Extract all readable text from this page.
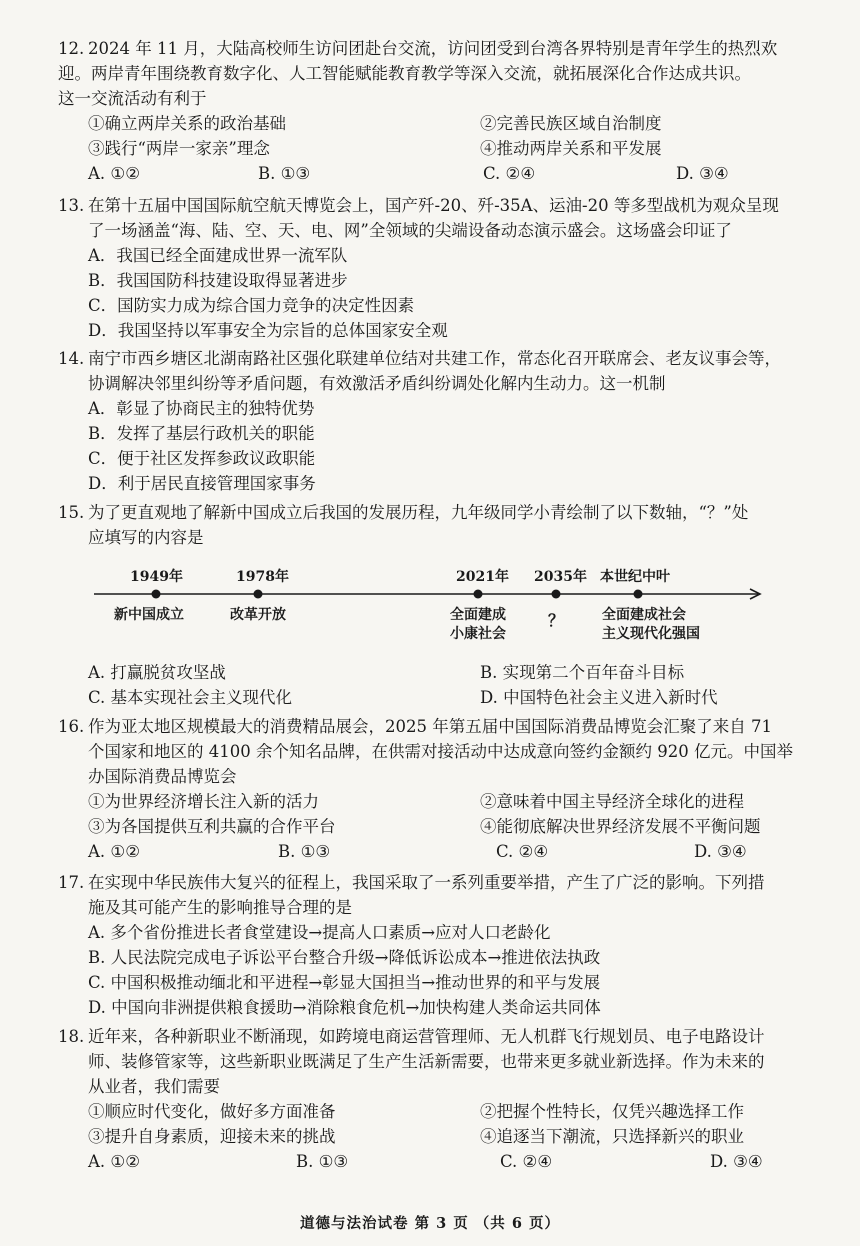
12. 2024 年 11 月，大陆高校师生访问团赴台交流，访问团受到台湾各界特别是青年学生的热烈欢
迎。两岸青年围绕教育数字化、人工智能赋能教育教学等深入交流，就拓展深化合作达成共识。
这一交流活动有利于
①确立两岸关系的政治基础	②完善民族区域自治制度
③践行“两岸一家亲”理念	④推动两岸关系和平发展
A. ①②	B. ①③	C. ②④	D. ③④
13. 在第十五届中国国际航空航天博览会上，国产歼-20、歼-35A、运油-20 等多型战机为观众呈现
了一场涵盖“海、陆、空、天、电、网”全领域的尖端设备动态演示盛会。这场盛会印证了
A．我国已经全面建成世界一流军队
B．我国国防科技建设取得显著进步
C．国防实力成为综合国力竞争的决定性因素
D．我国坚持以军事安全为宗旨的总体国家安全观
14. 南宁市西乡塘区北湖南路社区强化联建单位结对共建工作，常态化召开联席会、老友议事会等，
协调解决邻里纠纷等矛盾问题，有效激活矛盾纠纷调处化解内生动力。这一机制
A．彰显了协商民主的独特优势
B．发挥了基层行政机关的职能
C．便于社区发挥参政议政职能
D．利于居民直接管理国家事务
15. 为了更直观地了解新中国成立后我国的发展历程，九年级同学小青绘制了以下数轴，“？”处
应填写的内容是
1949年	1978年	2021年 2035年 本世纪中叶
新中国成立	改革开放	全面建成
小康社会
？	全面建成社会
主义现代化强国
A. 打赢脱贫攻坚战	B. 实现第二个百年奋斗目标
C. 基本实现社会主义现代化	D. 中国特色社会主义进入新时代
16. 作为亚太地区规模最大的消费精品展会，2025 年第五届中国国际消费品博览会汇聚了来自 71
个国家和地区的 4100 余个知名品牌，在供需对接活动中达成意向签约金额约 920 亿元。中国举
办国际消费品博览会
①为世界经济增长注入新的活力	②意味着中国主导经济全球化的进程
③为各国提供互利共赢的合作平台	④能彻底解决世界经济发展不平衡问题
A. ①②	B. ①③	C. ②④	D. ③④
17. 在实现中华民族伟大复兴的征程上，我国采取了一系列重要举措，产生了广泛的影响。下列措
施及其可能产生的影响推导合理的是
A. 多个省份推进长者食堂建设→提高人口素质→应对人口老龄化
B. 人民法院完成电子诉讼平台整合升级→降低诉讼成本→推进依法执政
C. 中国积极推动缅北和平进程→彰显大国担当→推动世界的和平与发展
D. 中国向非洲提供粮食援助→消除粮食危机→加快构建人类命运共同体
18. 近年来，各种新职业不断涌现，如跨境电商运营管理师、无人机群飞行规划员、电子电路设计
师、装修管家等，这些新职业既满足了生产生活新需要，也带来更多就业新选择。作为未来的
从业者，我们需要
①顺应时代变化，做好多方面准备	②把握个性特长，仅凭兴趣选择工作
③提升自身素质，迎接未来的挑战	④追逐当下潮流，只选择新兴的职业
A. ①②	B. ①③	C. ②④	D. ③④
道德与法治试卷 第 3 页 （共 6 页）
